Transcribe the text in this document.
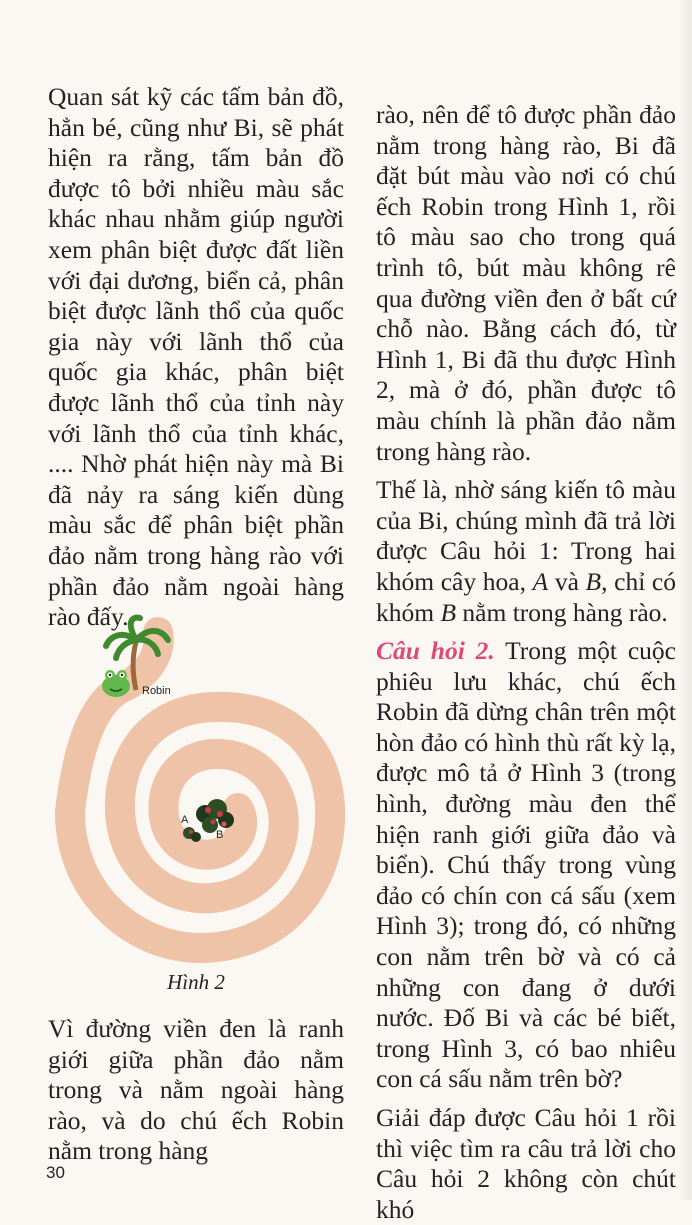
Quan sát kỹ các tấm bản đồ, hẳn bé, cũng như Bi, sẽ phát hiện ra rằng, tấm bản đồ được tô bởi nhiều màu sắc khác nhau nhằm giúp người xem phân biệt được đất liền với đại dương, biển cả, phân biệt được lãnh thổ của quốc gia này với lãnh thổ của quốc gia khác, phân biệt được lãnh thổ của tỉnh này với lãnh thổ của tỉnh khác, .... Nhờ phát hiện này mà Bi đã nảy ra sáng kiến dùng màu sắc để phân biệt phần đảo nằm trong hàng rào với phần đảo nằm ngoài hàng rào đấy.

Robin
A
B
Hình 2

Vì đường viền đen là ranh giới giữa phần đảo nằm trong và nằm ngoài hàng rào, và do chú ếch Robin nằm trong hàng

rào, nên để tô được phần đảo nằm trong hàng rào, Bi đã đặt bút màu vào nơi có chú ếch Robin trong Hình 1, rồi tô màu sao cho trong quá trình tô, bút màu không rê qua đường viền đen ở bất cứ chỗ nào. Bằng cách đó, từ Hình 1, Bi đã thu được Hình 2, mà ở đó, phần được tô màu chính là phần đảo nằm trong hàng rào.

Thế là, nhờ sáng kiến tô màu của Bi, chúng mình đã trả lời được Câu hỏi 1: Trong hai khóm cây hoa, A và B, chỉ có khóm B nằm trong hàng rào.

Câu hỏi 2. Trong một cuộc phiêu lưu khác, chú ếch Robin đã dừng chân trên một hòn đảo có hình thù rất kỳ lạ, được mô tả ở Hình 3 (trong hình, đường màu đen thể hiện ranh giới giữa đảo và biển). Chú thấy trong vùng đảo có chín con cá sấu (xem Hình 3); trong đó, có những con nằm trên bờ và có cả những con đang ở dưới nước. Đố Bi và các bé biết, trong Hình 3, có bao nhiêu con cá sấu nằm trên bờ?

Giải đáp được Câu hỏi 1 rồi thì việc tìm ra câu trả lời cho Câu hỏi 2 không còn chút khó

30
